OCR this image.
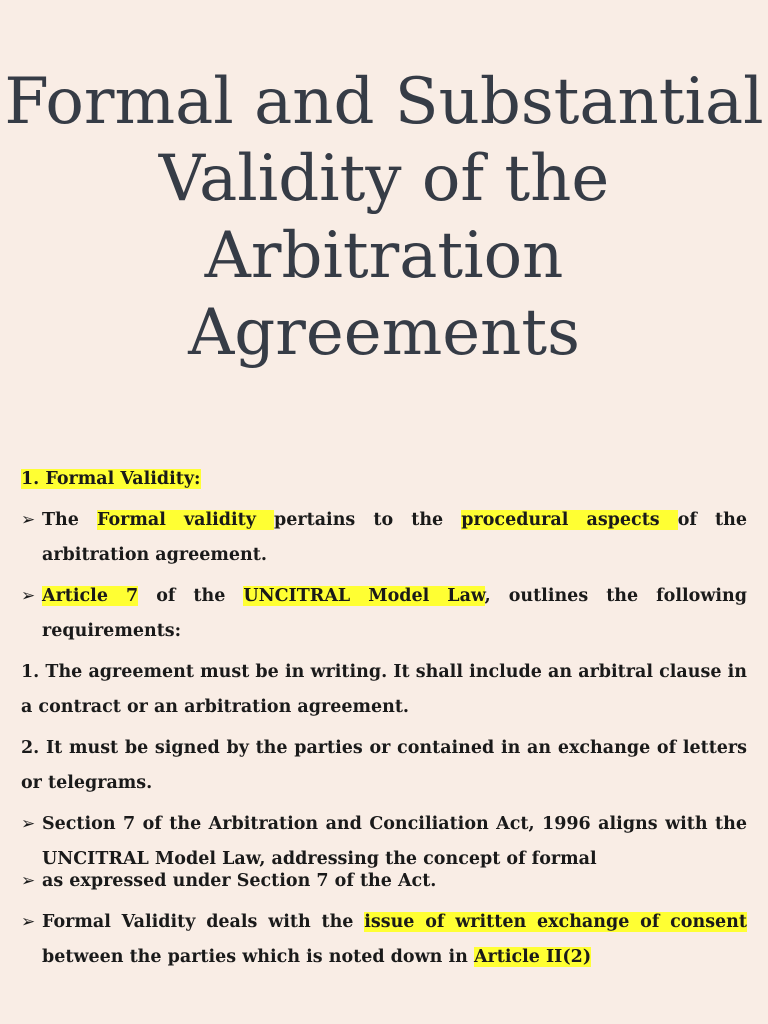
Formal and Substantial Validity of the Arbitration Agreements
1. Formal Validity:
➢ The Formal validity pertains to the procedural aspects of the arbitration agreement.
➢ Article 7 of the UNCITRAL Model Law, outlines the following requirements:
1. The agreement must be in writing. It shall include an arbitral clause in a contract or an arbitration agreement.
2. It must be signed by the parties or contained in an exchange of letters or telegrams.
➢ Section 7 of the Arbitration and Conciliation Act, 1996 aligns with the UNCITRAL Model Law, addressing the concept of formal
➢ as expressed under Section 7 of the Act.
➢ Formal Validity deals with the issue of written exchange of consent between the parties which is noted down in Article II(2)
